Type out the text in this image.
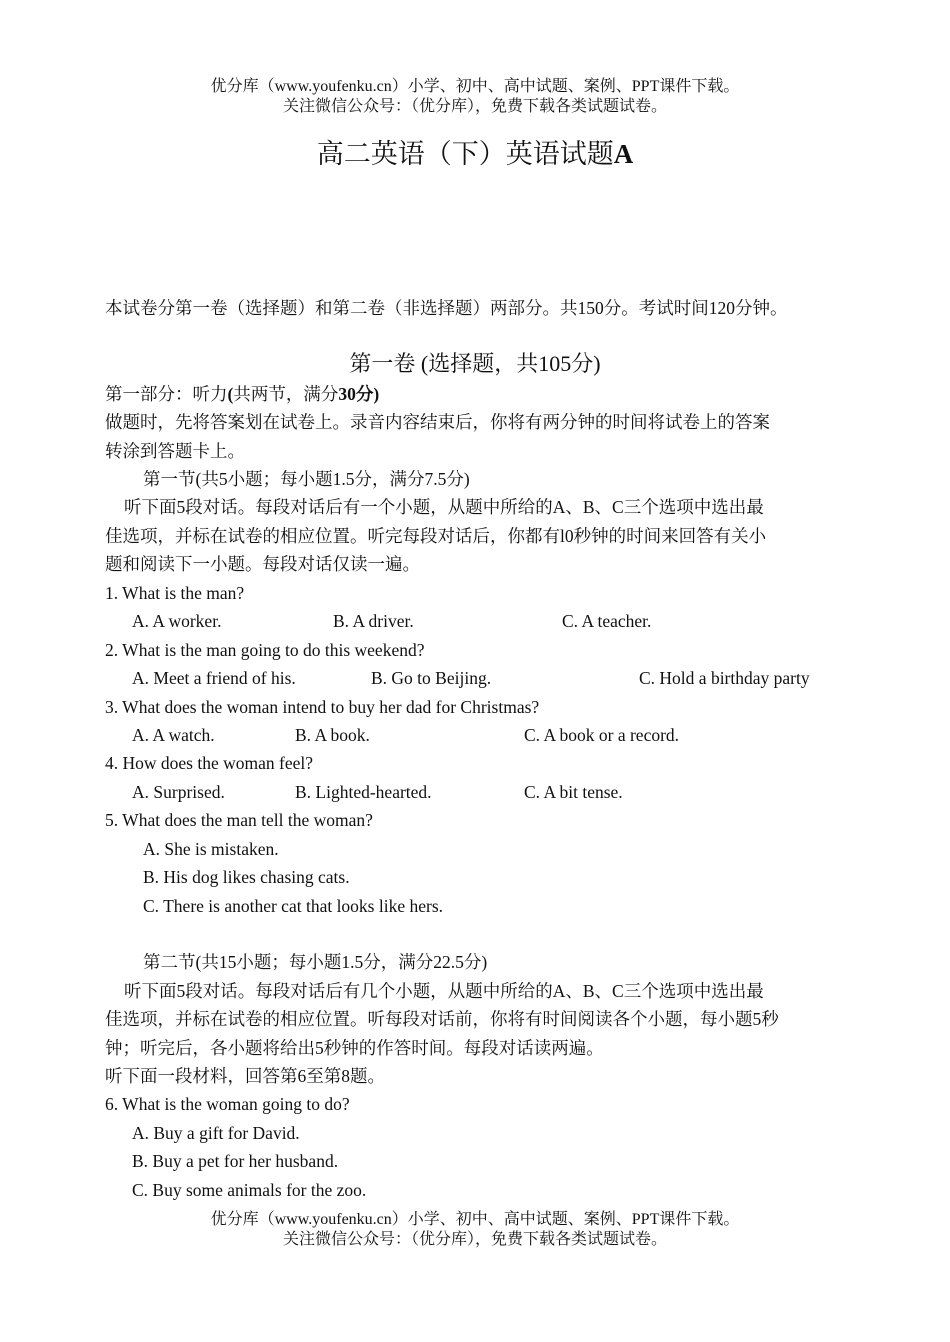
优分库（www.youfenku.cn）小学、初中、高中试题、案例、PPT课件下载。
关注微信公众号：（优分库），免费下载各类试题试卷。
高二英语（下）英语试题A
本试卷分第一卷（选择题）和第二卷（非选择题）两部分。共150分。考试时间120分钟。
第一卷 (选择题，共105分)
第一部分：听力(共两节，满分30分)
做题时，先将答案划在试卷上。录音内容结束后，你将有两分钟的时间将试卷上的答案
转涂到答题卡上。
第一节(共5小题；每小题1.5分，满分7.5分)
听下面5段对话。每段对话后有一个小题，从题中所给的A、B、C三个选项中选出最
佳选项，并标在试卷的相应位置。听完每段对话后，你都有l0秒钟的时间来回答有关小
题和阅读下一小题。每段对话仅读一遍。
1. What is the man?
A. A worker.	B. A driver.	C. A teacher.
2. What is the man going to do this weekend?
A. Meet a friend of his.	B. Go to Beijing.	C. Hold a birthday party
3. What does the woman intend to buy her dad for Christmas?
A. A watch.	B. A book.	C. A book or a record.
4. How does the woman feel?
A. Surprised.	B. Lighted-hearted.	C. A bit tense.
5. What does the man tell the woman?
A. She is mistaken.
B. His dog likes chasing cats.
C. There is another cat that looks like hers.
第二节(共15小题；每小题1.5分，满分22.5分)
听下面5段对话。每段对话后有几个小题，从题中所给的A、B、C三个选项中选出最
佳选项，并标在试卷的相应位置。听每段对话前，你将有时间阅读各个小题，每小题5秒
钟；听完后，各小题将给出5秒钟的作答时间。每段对话读两遍。
听下面一段材料，回答第6至第8题。
6. What is the woman going to do?
A. Buy a gift for David.
B. Buy a pet for her husband.
C. Buy some animals for the zoo.
优分库（www.youfenku.cn）小学、初中、高中试题、案例、PPT课件下载。
关注微信公众号：（优分库），免费下载各类试题试卷。
